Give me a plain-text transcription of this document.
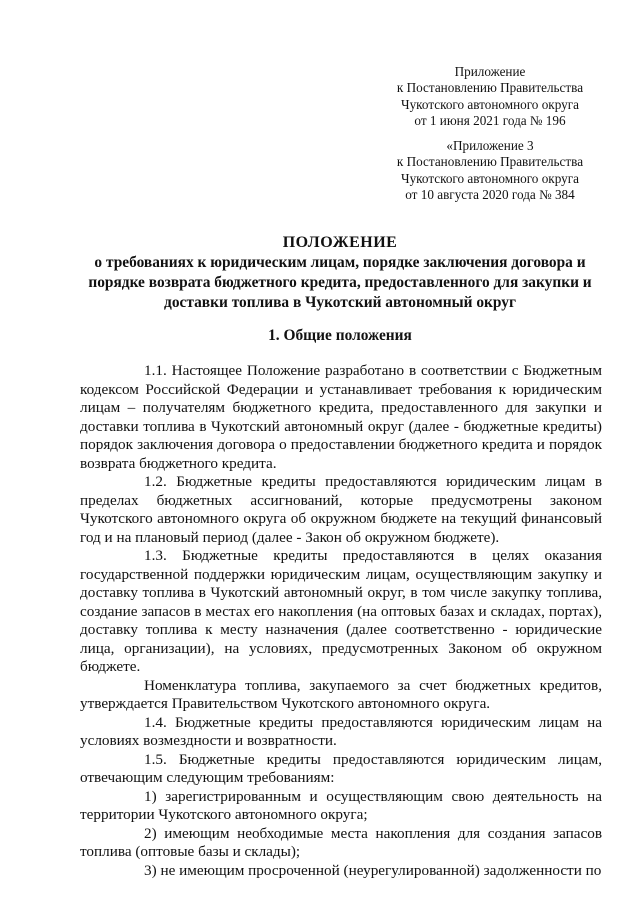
Приложение
к Постановлению Правительства
Чукотского автономного округа
от 1 июня 2021 года № 196
«Приложение 3
к Постановлению Правительства
Чукотского автономного округа
от 10 августа 2020 года № 384
ПОЛОЖЕНИЕ
о требованиях к юридическим лицам, порядке заключения договора и
порядке возврата бюджетного кредита, предоставленного для закупки и
доставки топлива в Чукотский автономный округ
1. Общие положения

1.1. Настоящее Положение разработано в соответствии с Бюджетным кодексом Российской Федерации и устанавливает требования к юридическим лицам – получателям бюджетного кредита, предоставленного для закупки и доставки топлива в Чукотский автономный округ (далее - бюджетные кредиты) порядок заключения договора о предоставлении бюджетного кредита и порядок возврата бюджетного кредита.

1.2. Бюджетные кредиты предоставляются юридическим лицам в пределах бюджетных ассигнований, которые предусмотрены законом Чукотского автономного округа об окружном бюджете на текущий финансовый год и на плановый период (далее - Закон об окружном бюджете).

1.3. Бюджетные кредиты предоставляются в целях оказания государственной поддержки юридическим лицам, осуществляющим закупку и доставку топлива в Чукотский автономный округ, в том числе закупку топлива, создание запасов в местах его накопления (на оптовых базах и складах, портах), доставку топлива к месту назначения (далее соответственно - юридические лица, организации), на условиях, предусмотренных Законом об окружном бюджете.

Номенклатура топлива, закупаемого за счет бюджетных кредитов, утверждается Правительством Чукотского автономного округа.

1.4. Бюджетные кредиты предоставляются юридическим лицам на условиях возмездности и возвратности.

1.5. Бюджетные кредиты предоставляются юридическим лицам, отвечающим следующим требованиям:

1) зарегистрированным и осуществляющим свою деятельность на территории Чукотского автономного округа;

2) имеющим необходимые места накопления для создания запасов топлива (оптовые базы и склады);

3) не имеющим просроченной (неурегулированной) задолженности по
